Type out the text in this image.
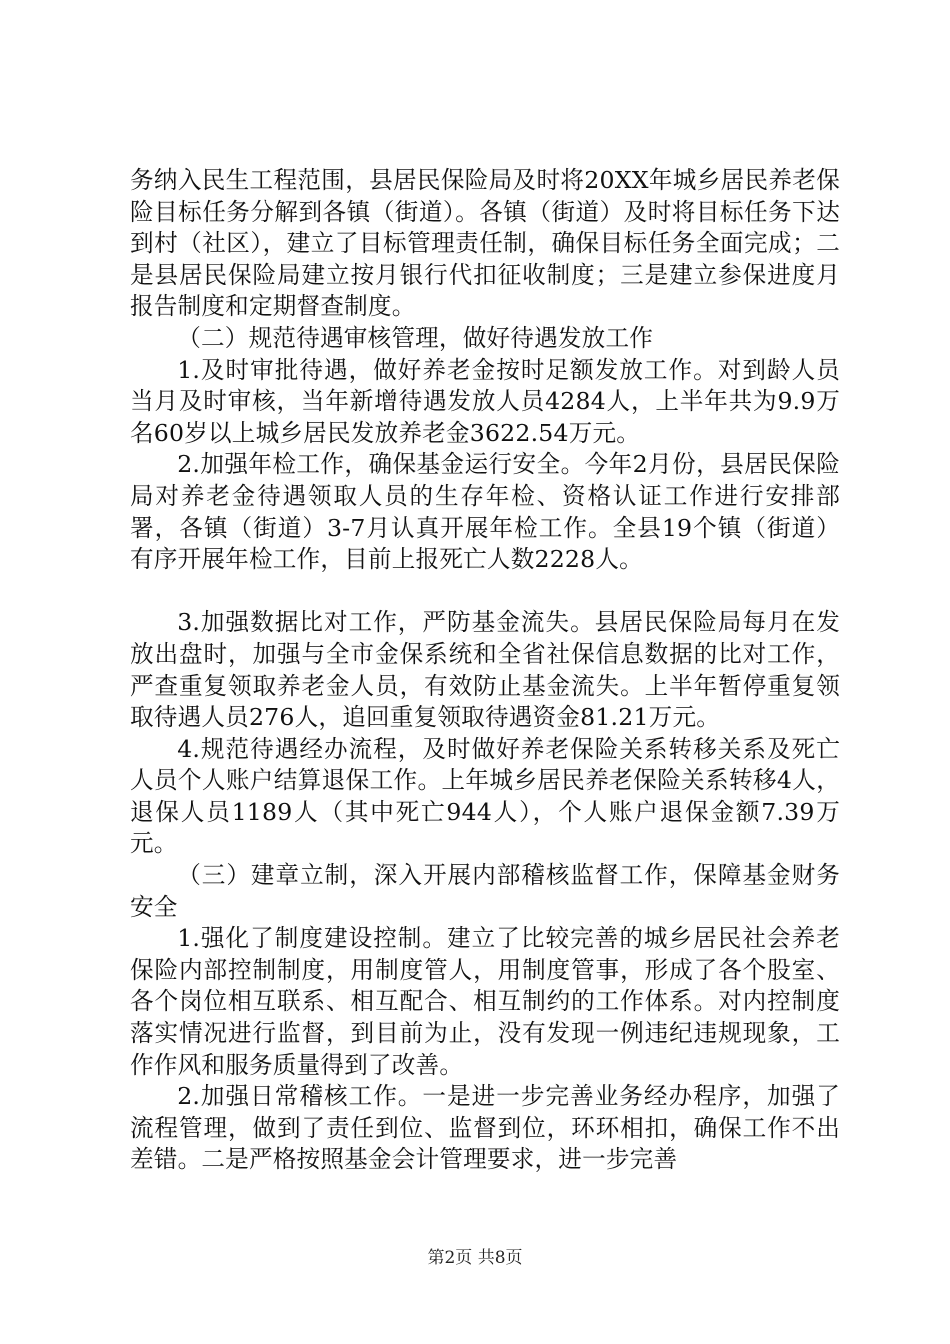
务纳入民生工程范围，县居民保险局及时将20XX年城乡居民养老保险目标任务分解到各镇（街道）。各镇（街道）及时将目标任务下达到村（社区），建立了目标管理责任制，确保目标任务全面完成；二是县居民保险局建立按月银行代扣征收制度；三是建立参保进度月报告制度和定期督查制度。

（二）规范待遇审核管理，做好待遇发放工作

1.及时审批待遇，做好养老金按时足额发放工作。对到龄人员当月及时审核，当年新增待遇发放人员4284人，上半年共为9.9万名60岁以上城乡居民发放养老金3622.54万元。

2.加强年检工作，确保基金运行安全。今年2月份，县居民保险局对养老金待遇领取人员的生存年检、资格认证工作进行安排部署，各镇（街道）3-7月认真开展年检工作。全县19个镇（街道）有序开展年检工作，目前上报死亡人数2228人。

3.加强数据比对工作，严防基金流失。县居民保险局每月在发放出盘时，加强与全市金保系统和全省社保信息数据的比对工作，严查重复领取养老金人员，有效防止基金流失。上半年暂停重复领取待遇人员276人，追回重复领取待遇资金81.21万元。

4.规范待遇经办流程，及时做好养老保险关系转移关系及死亡人员个人账户结算退保工作。上年城乡居民养老保险关系转移4人，退保人员1189人（其中死亡944人），个人账户退保金额7.39万元。

（三）建章立制，深入开展内部稽核监督工作，保障基金财务安全

1.强化了制度建设控制。建立了比较完善的城乡居民社会养老保险内部控制制度，用制度管人，用制度管事，形成了各个股室、各个岗位相互联系、相互配合、相互制约的工作体系。对内控制度落实情况进行监督，到目前为止，没有发现一例违纪违规现象，工作作风和服务质量得到了改善。

2.加强日常稽核工作。一是进一步完善业务经办程序，加强了流程管理，做到了责任到位、监督到位，环环相扣，确保工作不出差错。二是严格按照基金会计管理要求，进一步完善

第2页 共8页
